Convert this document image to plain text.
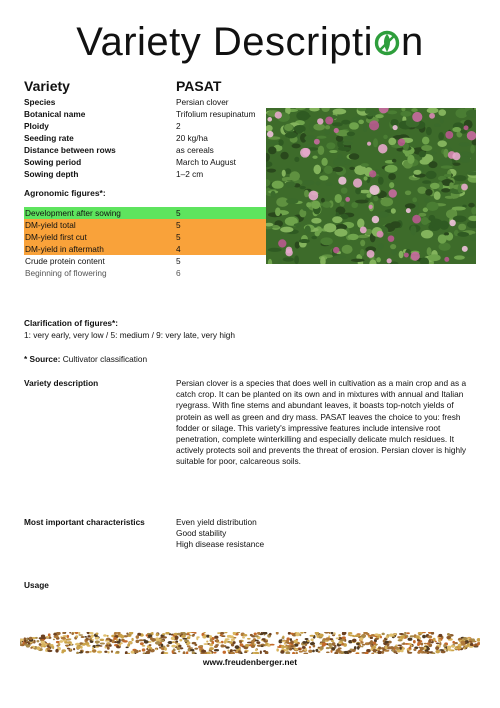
Variety Descripti n
Variety	PASAT
Species	Persian clover
Botanical name	Trifolium resupinatum
Ploidy	2
Seeding rate	20 kg/ha
Distance between rows	as cereals
Sowing period	March to August
Sowing depth	1–2 cm
Agronomic figures*:
Development after sowing	5
DM-yield total	5
DM-yield first cut	5
DM-yield in aftermath	4
Crude protein content	5
Beginning of flowering	6
Clarification of figures*:
1: very early, very low / 5: medium / 9: very late, very high
* Source: Cultivator classification
Variety description	Persian clover is a species that does well in cultivation as a main crop and as a catch crop. It can be planted on its own and in mixtures with annual and Italian ryegrass. With fine stems and abundant leaves, it boasts top-notch yields of protein as well as green and dry mass. PASAT leaves the choice to you: fresh fodder or silage. This variety's impressive features include intensive root penetration, complete winterkilling and especially delicate mulch residues. It actively protects soil and prevents the threat of erosion. Persian clover is highly suitable for poor, calcareous soils.
Most important characteristics	Even yield distribution
Good stability
High disease resistance
Usage
www.freudenberger.net
